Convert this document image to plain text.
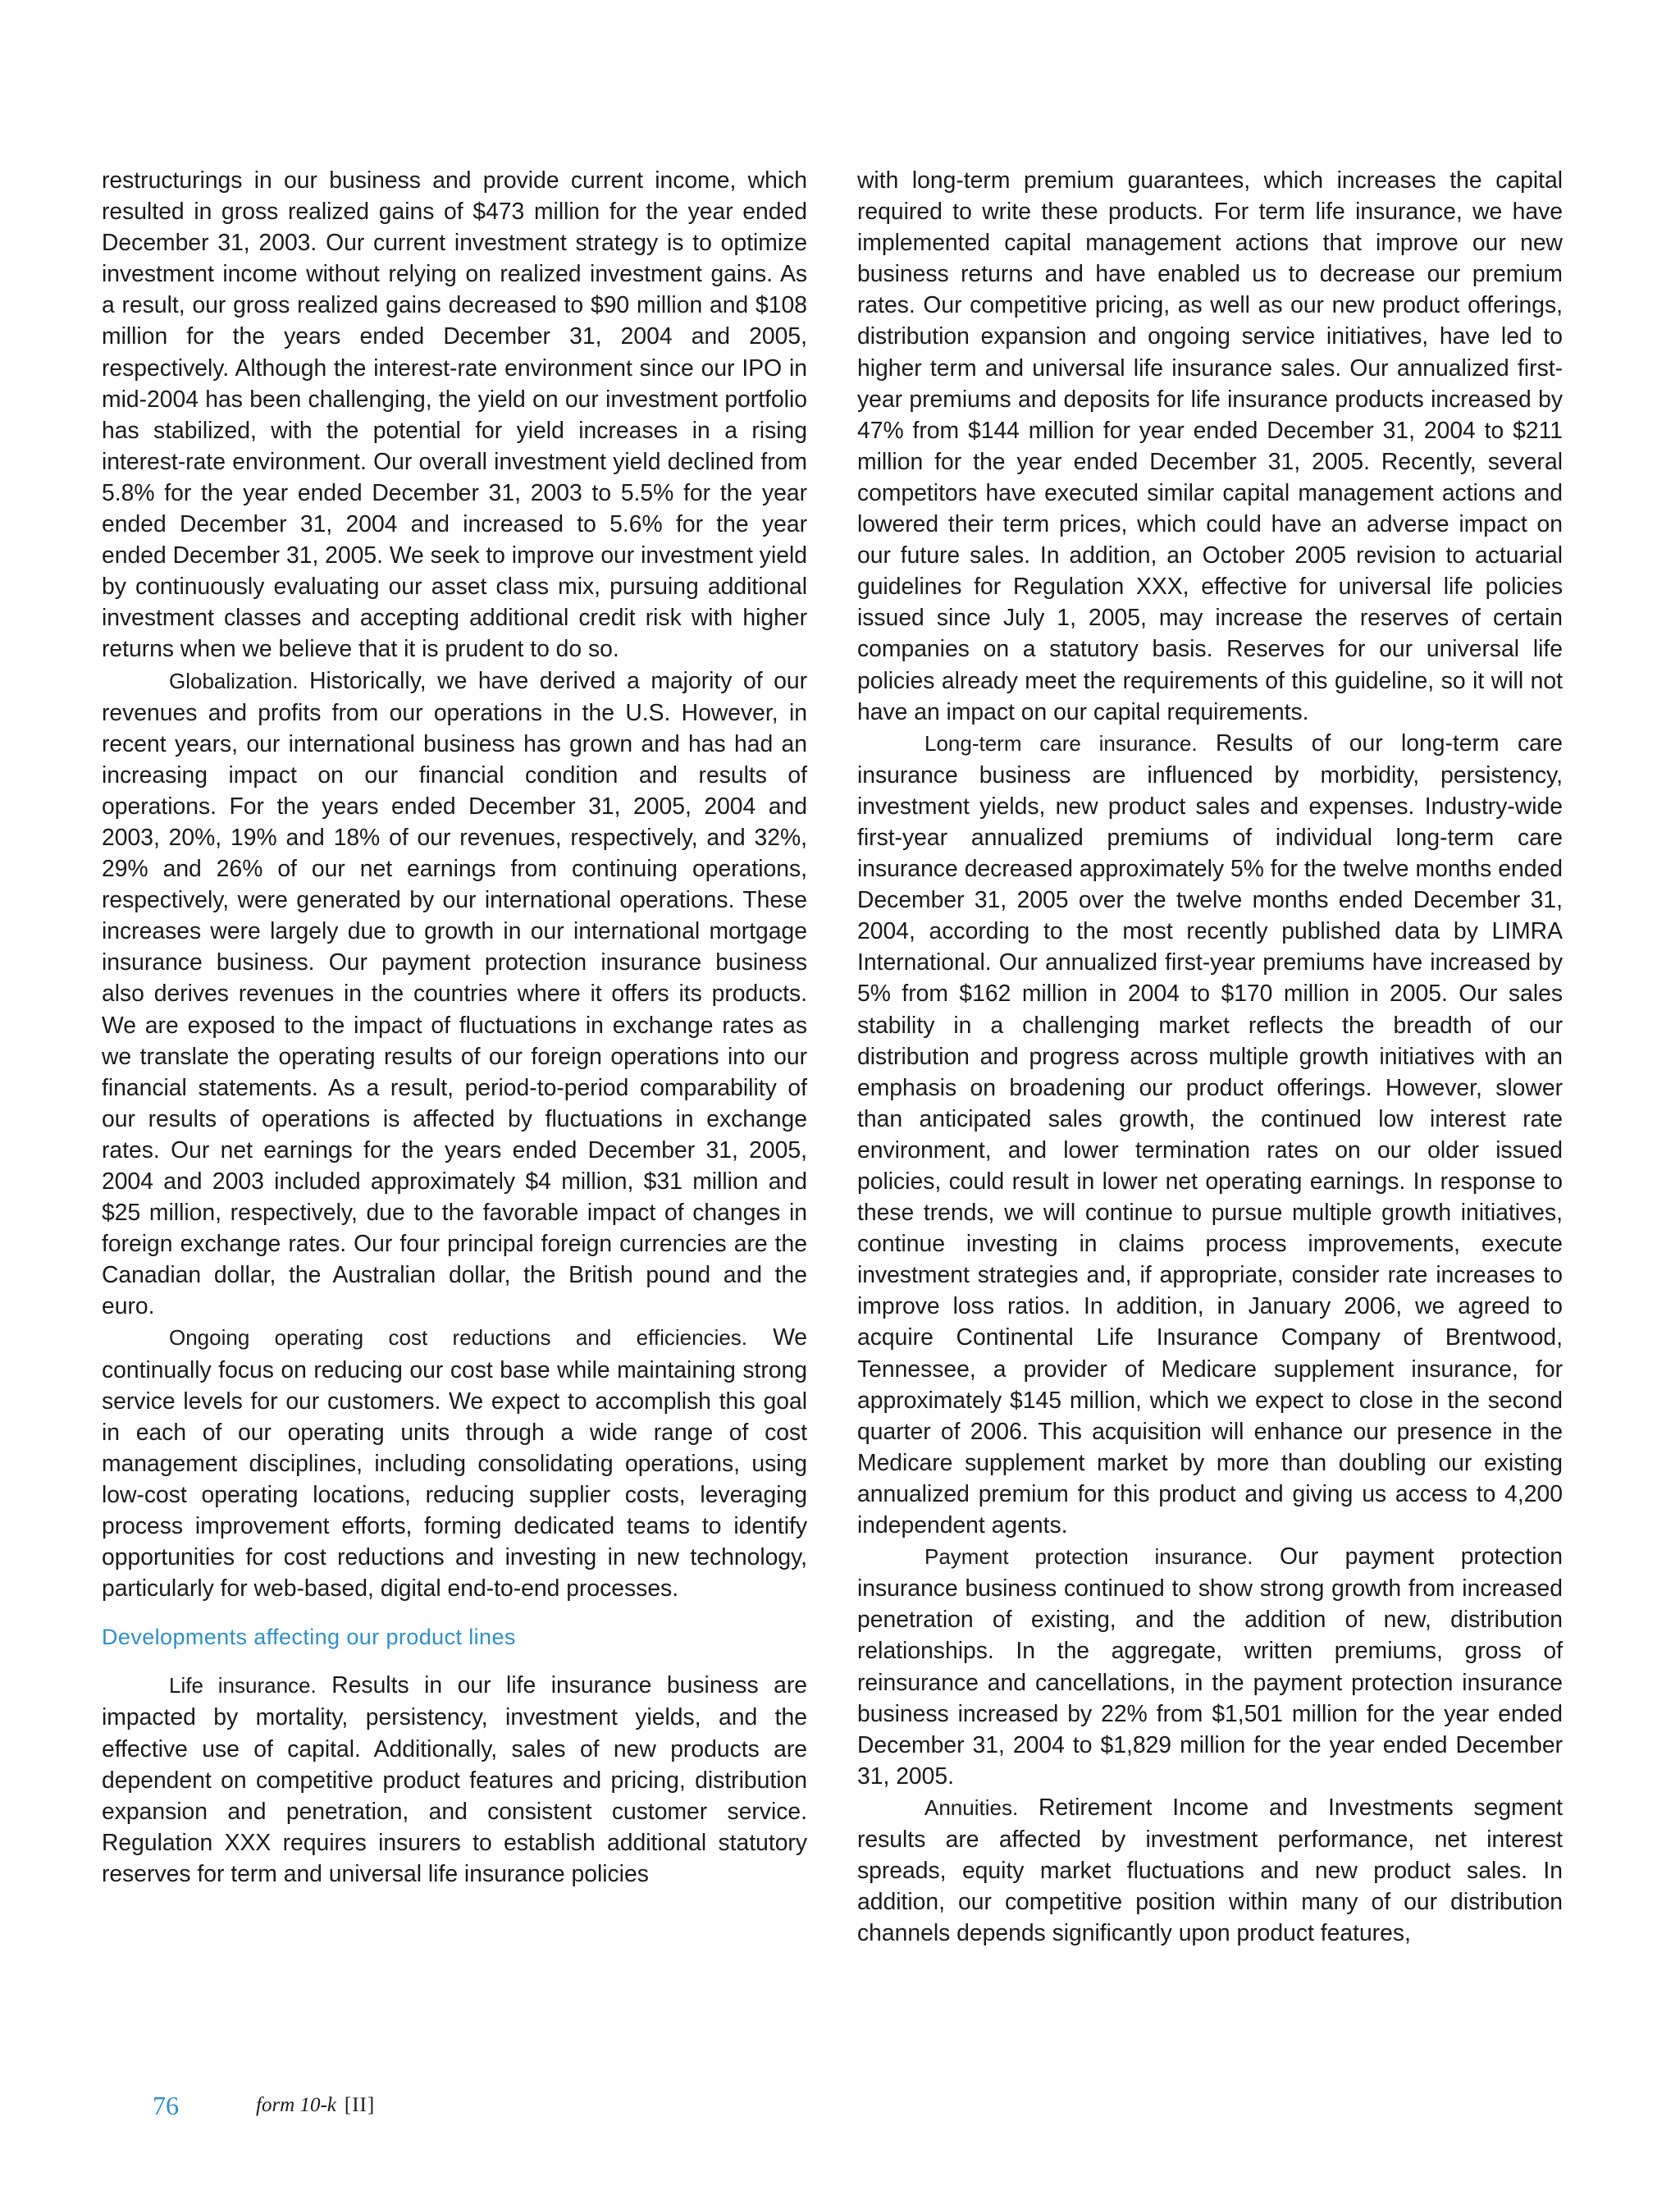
restructurings in our business and provide current income, which resulted in gross realized gains of $473 million for the year ended December 31, 2003. Our current investment strategy is to optimize investment income without relying on realized investment gains. As a result, our gross realized gains decreased to $90 million and $108 million for the years ended December 31, 2004 and 2005, respectively. Although the interest-rate environment since our IPO in mid-2004 has been challenging, the yield on our investment portfolio has stabilized, with the potential for yield increases in a rising interest-rate environment. Our overall investment yield declined from 5.8% for the year ended December 31, 2003 to 5.5% for the year ended December 31, 2004 and increased to 5.6% for the year ended December 31, 2005. We seek to improve our investment yield by continuously evaluating our asset class mix, pursuing additional investment classes and accepting additional credit risk with higher returns when we believe that it is prudent to do so.

Globalization. Historically, we have derived a majority of our revenues and profits from our operations in the U.S. However, in recent years, our international business has grown and has had an increasing impact on our financial condition and results of operations. For the years ended December 31, 2005, 2004 and 2003, 20%, 19% and 18% of our revenues, respectively, and 32%, 29% and 26% of our net earnings from continuing operations, respectively, were generated by our international operations. These increases were largely due to growth in our international mortgage insurance business. Our payment protection insurance business also derives revenues in the countries where it offers its products. We are exposed to the impact of fluctuations in exchange rates as we translate the operating results of our foreign operations into our financial statements. As a result, period-to-period comparability of our results of operations is affected by fluctuations in exchange rates. Our net earnings for the years ended December 31, 2005, 2004 and 2003 included approximately $4 million, $31 million and $25 million, respectively, due to the favorable impact of changes in foreign exchange rates. Our four principal foreign currencies are the Canadian dollar, the Australian dollar, the British pound and the euro.

Ongoing operating cost reductions and efficiencies. We continually focus on reducing our cost base while maintaining strong service levels for our customers. We expect to accomplish this goal in each of our operating units through a wide range of cost management disciplines, including consolidating operations, using low-cost operating locations, reducing supplier costs, leveraging process improvement efforts, forming dedicated teams to identify opportunities for cost reductions and investing in new technology, particularly for web-based, digital end-to-end processes.

Developments affecting our product lines

Life insurance. Results in our life insurance business are impacted by mortality, persistency, investment yields, and the effective use of capital. Additionally, sales of new products are dependent on competitive product features and pricing, distribution expansion and penetration, and consistent customer service. Regulation XXX requires insurers to establish additional statutory reserves for term and universal life insurance policies

with long-term premium guarantees, which increases the capital required to write these products. For term life insurance, we have implemented capital management actions that improve our new business returns and have enabled us to decrease our premium rates. Our competitive pricing, as well as our new product offerings, distribution expansion and ongoing service initiatives, have led to higher term and universal life insurance sales. Our annualized first-year premiums and deposits for life insurance products increased by 47% from $144 million for year ended December 31, 2004 to $211 million for the year ended December 31, 2005. Recently, several competitors have executed similar capital management actions and lowered their term prices, which could have an adverse impact on our future sales. In addition, an October 2005 revision to actuarial guidelines for Regulation XXX, effective for universal life policies issued since July 1, 2005, may increase the reserves of certain companies on a statutory basis. Reserves for our universal life policies already meet the requirements of this guideline, so it will not have an impact on our capital requirements.

Long-term care insurance. Results of our long-term care insurance business are influenced by morbidity, persistency, investment yields, new product sales and expenses. Industry-wide first-year annualized premiums of individual long-term care insurance decreased approximately 5% for the twelve months ended December 31, 2005 over the twelve months ended December 31, 2004, according to the most recently published data by LIMRA International. Our annualized first-year premiums have increased by 5% from $162 million in 2004 to $170 million in 2005. Our sales stability in a challenging market reflects the breadth of our distribution and progress across multiple growth initiatives with an emphasis on broadening our product offerings. However, slower than anticipated sales growth, the continued low interest rate environment, and lower termination rates on our older issued policies, could result in lower net operating earnings. In response to these trends, we will continue to pursue multiple growth initiatives, continue investing in claims process improvements, execute investment strategies and, if appropriate, consider rate increases to improve loss ratios. In addition, in January 2006, we agreed to acquire Continental Life Insurance Company of Brentwood, Tennessee, a provider of Medicare supplement insurance, for approximately $145 million, which we expect to close in the second quarter of 2006. This acquisition will enhance our presence in the Medicare supplement market by more than doubling our existing annualized premium for this product and giving us access to 4,200 independent agents.

Payment protection insurance. Our payment protection insurance business continued to show strong growth from increased penetration of existing, and the addition of new, distribution relationships. In the aggregate, written premiums, gross of reinsurance and cancellations, in the payment protection insurance business increased by 22% from $1,501 million for the year ended December 31, 2004 to $1,829 million for the year ended December 31, 2005.

Annuities. Retirement Income and Investments segment results are affected by investment performance, net interest spreads, equity market fluctuations and new product sales. In addition, our competitive position within many of our distribution channels depends significantly upon product features,

76	form 10-k [II]
